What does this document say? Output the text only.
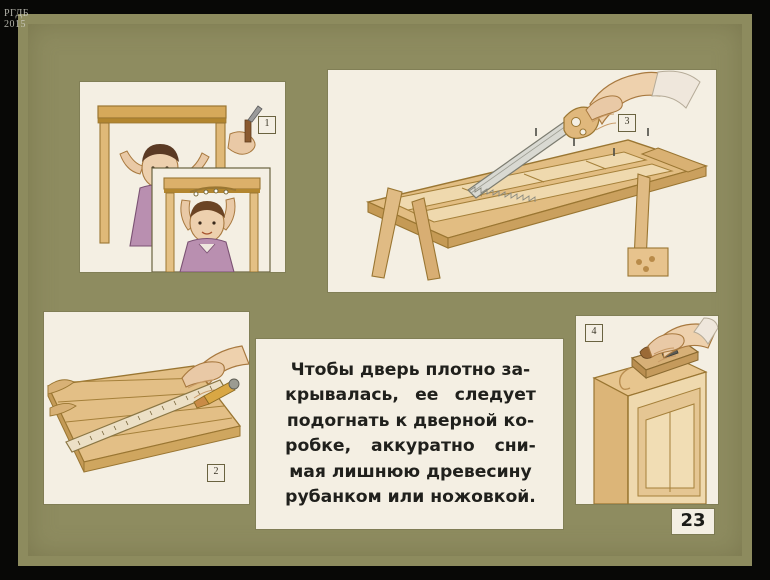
РГДБ
2015
1	3
2
4
Чтобы дверь плотно за-
крывалась, ее следует
подогнать к дверной ко-
робке, аккуратно сни-
мая лишнюю древесину
рубанком или ножовкой.
23
